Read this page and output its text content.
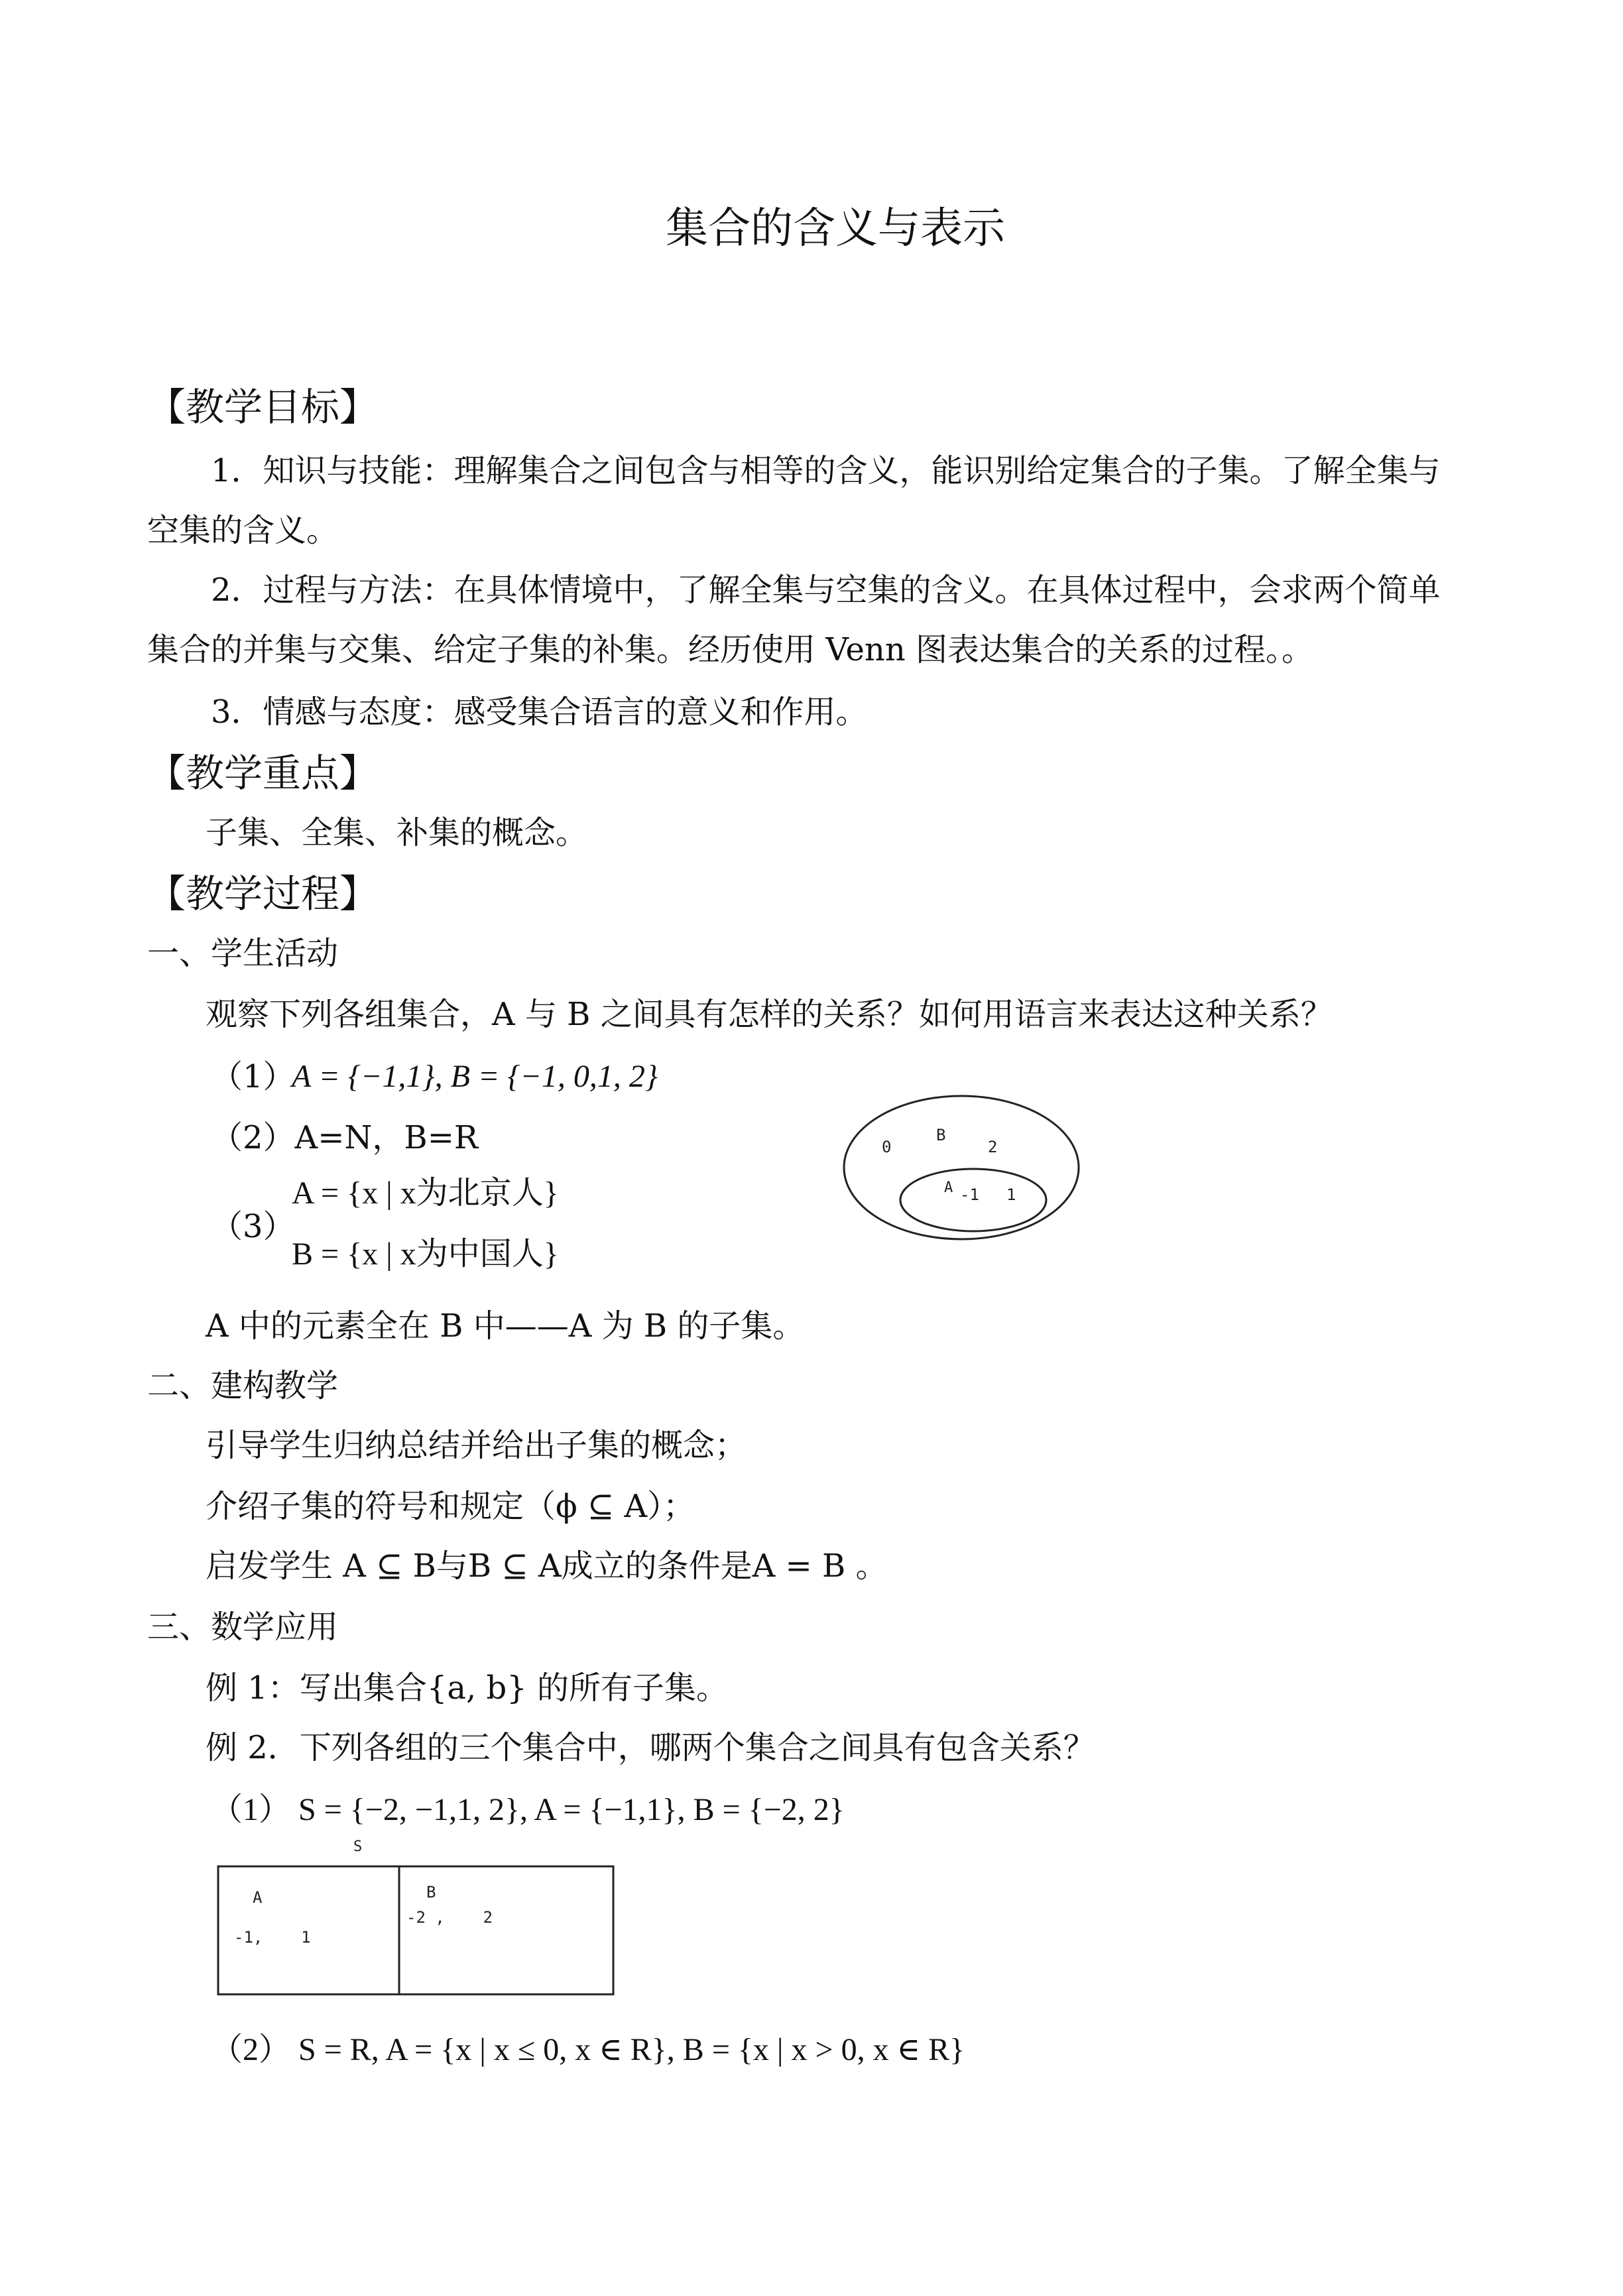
集合的含义与表示
【教学目标】
1．知识与技能：理解集合之间包含与相等的含义，能识别给定集合的子集。了解全集与
空集的含义。
2．过程与方法：在具体情境中，了解全集与空集的含义。在具体过程中，会求两个简单
集合的并集与交集、给定子集的补集。经历使用 Venn 图表达集合的关系的过程。。
3．情感与态度：感受集合语言的意义和作用。
【教学重点】
子集、全集、补集的概念。
【教学过程】
一、学生活动
观察下列各组集合，A 与 B 之间具有怎样的关系？如何用语言来表达这种关系？
（1）
A = {−1,1}, B = {−1, 0,1, 2}
（2）A=N，B=R
（3）
A = {x | x为北京人}
B = {x | x为中国人}
B
0	2
A -1 1
A 中的元素全在 B 中——A 为 B 的子集。
二、建构教学
引导学生归纳总结并给出子集的概念；
介绍子集的符号和规定（ϕ ⊆ A）；
启发学生 A ⊆ B与B ⊆ A成立的条件是A = B 。
三、数学应用
例 1：写出集合{a, b} 的所有子集。
例 2．下列各组的三个集合中，哪两个集合之间具有包含关系？
（1） S = {−2, −1,1, 2}, A = {−1,1}, B = {−2, 2}
S
A
-1,    1
B
-2 ,    2
（2） S = R, A = {x | x ≤ 0, x ∈ R}, B = {x | x > 0, x ∈ R}
